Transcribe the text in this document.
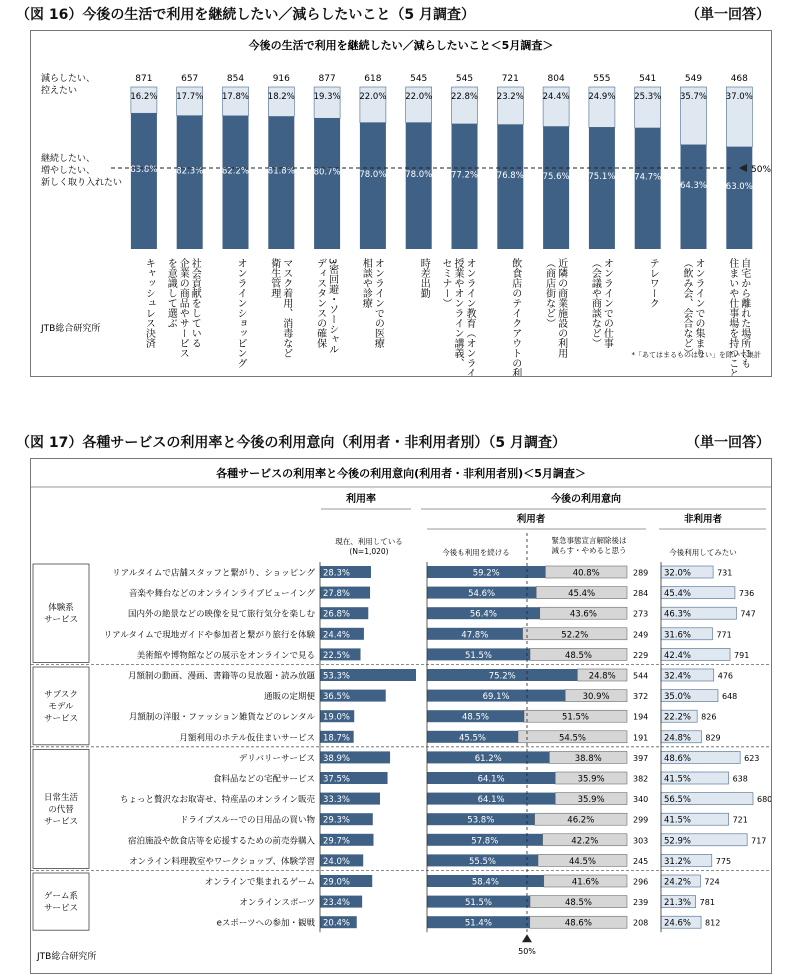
（図 16）今後の生活で利用を継続したい／減らしたいこと（5 月調査）	（単一回答）
今後の生活で利用を継続したい／減らしたいこと＜5月調査＞
減らしたい、控えたい
継続したい、増やしたい、新しく取り入れたい
871
16.2%
83.8%
キャッシュレス決済
657
17.7%
82.3%
社会貢献をしている
企業の商品やサービス
を意識して選ぶ
854
17.8%
82.2%
オンラインショッピング
916
18.2%
81.8%
マスク着用、消毒など
衛生管理
877
19.3%
80.7%
3密回避・ソーシャル
ディスタンスの確保
618
22.0%
78.0%
オンラインでの医療
相談や診療
545
22.0%
78.0%
時差出勤
545
22.8%
77.2%
オンライン教育（オンライン
授業やオンライン講義、
セミナー）
721
23.2%
76.8%
飲食店のテイクアウトの利用
804
24.4%
75.6%
近隣の商業施設の利用
（商店街など）
555
24.9%
75.1%
オンラインでの仕事
（会議や商談など）
541
25.3%
74.7%
テレワーク
549
35.7%
64.3%
オンラインでの集まり
（飲み会、会合など）
468
37.0%
63.0%
自宅から離れた場所にも
住まいや仕事場を持つこと
50%
JTB総合研究所
*「あてはまるものはない」を除いて集計
（図 17）各種サービスの利用率と今後の利用意向（利用者・非利用者別）（5 月調査）	（単一回答）
各種サービスの利用率と今後の利用意向(利用者・非利用者別)＜5月調査＞
利用率	今後の利用意向
利用者	非利用者
現在、利用している(N=1,020)	今後も利用を続ける
緊急事態宣言解除後は減らす・やめると思う	今後利用してみたい
リアルタイムで店舗スタッフと繋がり、ショッピング 28.3%	59.2%	40.8%	289 32.0%	731
音楽や舞台などのオンラインライブビューイング 27.8%	54.6%	45.4%	284 45.4%	736
国内外の絶景などの映像を見て旅行気分を楽しむ 26.8%	56.4%	43.6%	273 46.3%	747
リアルタイムで現地ガイドや参加者と繋がり旅行を体験 24.4%	47.8%	52.2%	249 31.6%	771
美術館や博物館などの展示をオンラインで見る 22.5%	51.5%	48.5%	229 42.4%	791
月額制の動画、漫画、書籍等の見放題・読み放題 53.3%	75.2%	24.8% 544 32.4%	476
通販の定期便 36.5%	69.1%	30.9%	372 35.0%	648
月額制の洋服・ファッション雑貨などのレンタル 19.0%	48.5%	51.5%	194 22.2% 826
月額利用のホテル仮住まいサービス 18.7%	45.5%	54.5%	191 24.8% 829
デリバリーサービス 38.9%	61.2%	38.8%	397 48.6%	623
食料品などの宅配サービス 37.5%	64.1%	35.9%	382 41.5%	638
ちょっと贅沢なお取寄せ、特産品のオンライン販売 33.3%	64.1%	35.9%	340 56.5%	680
ドライブスルーでの日用品の買い物 29.3%	53.8%	46.2%	299 41.5%	721
宿泊施設や飲食店等を応援するための前売券購入 29.7%	57.8%	42.2%	303 52.9%	717
オンライン料理教室やワークショップ、体験学習 24.0%	55.5%	44.5%	245 31.2%	775
オンラインで集まれるゲーム 29.0%	58.4%	41.6%	296 24.2% 724
オンラインスポーツ 23.4%	51.5%	48.5%	239 21.3% 781
eスポーツへの参加・観戦 20.4%	51.4%	48.6%	208 24.6% 812
体験系サービス
サブスクモデルサービス
日常生活の代替サービス
ゲーム系サービス
50%
JTB総合研究所
